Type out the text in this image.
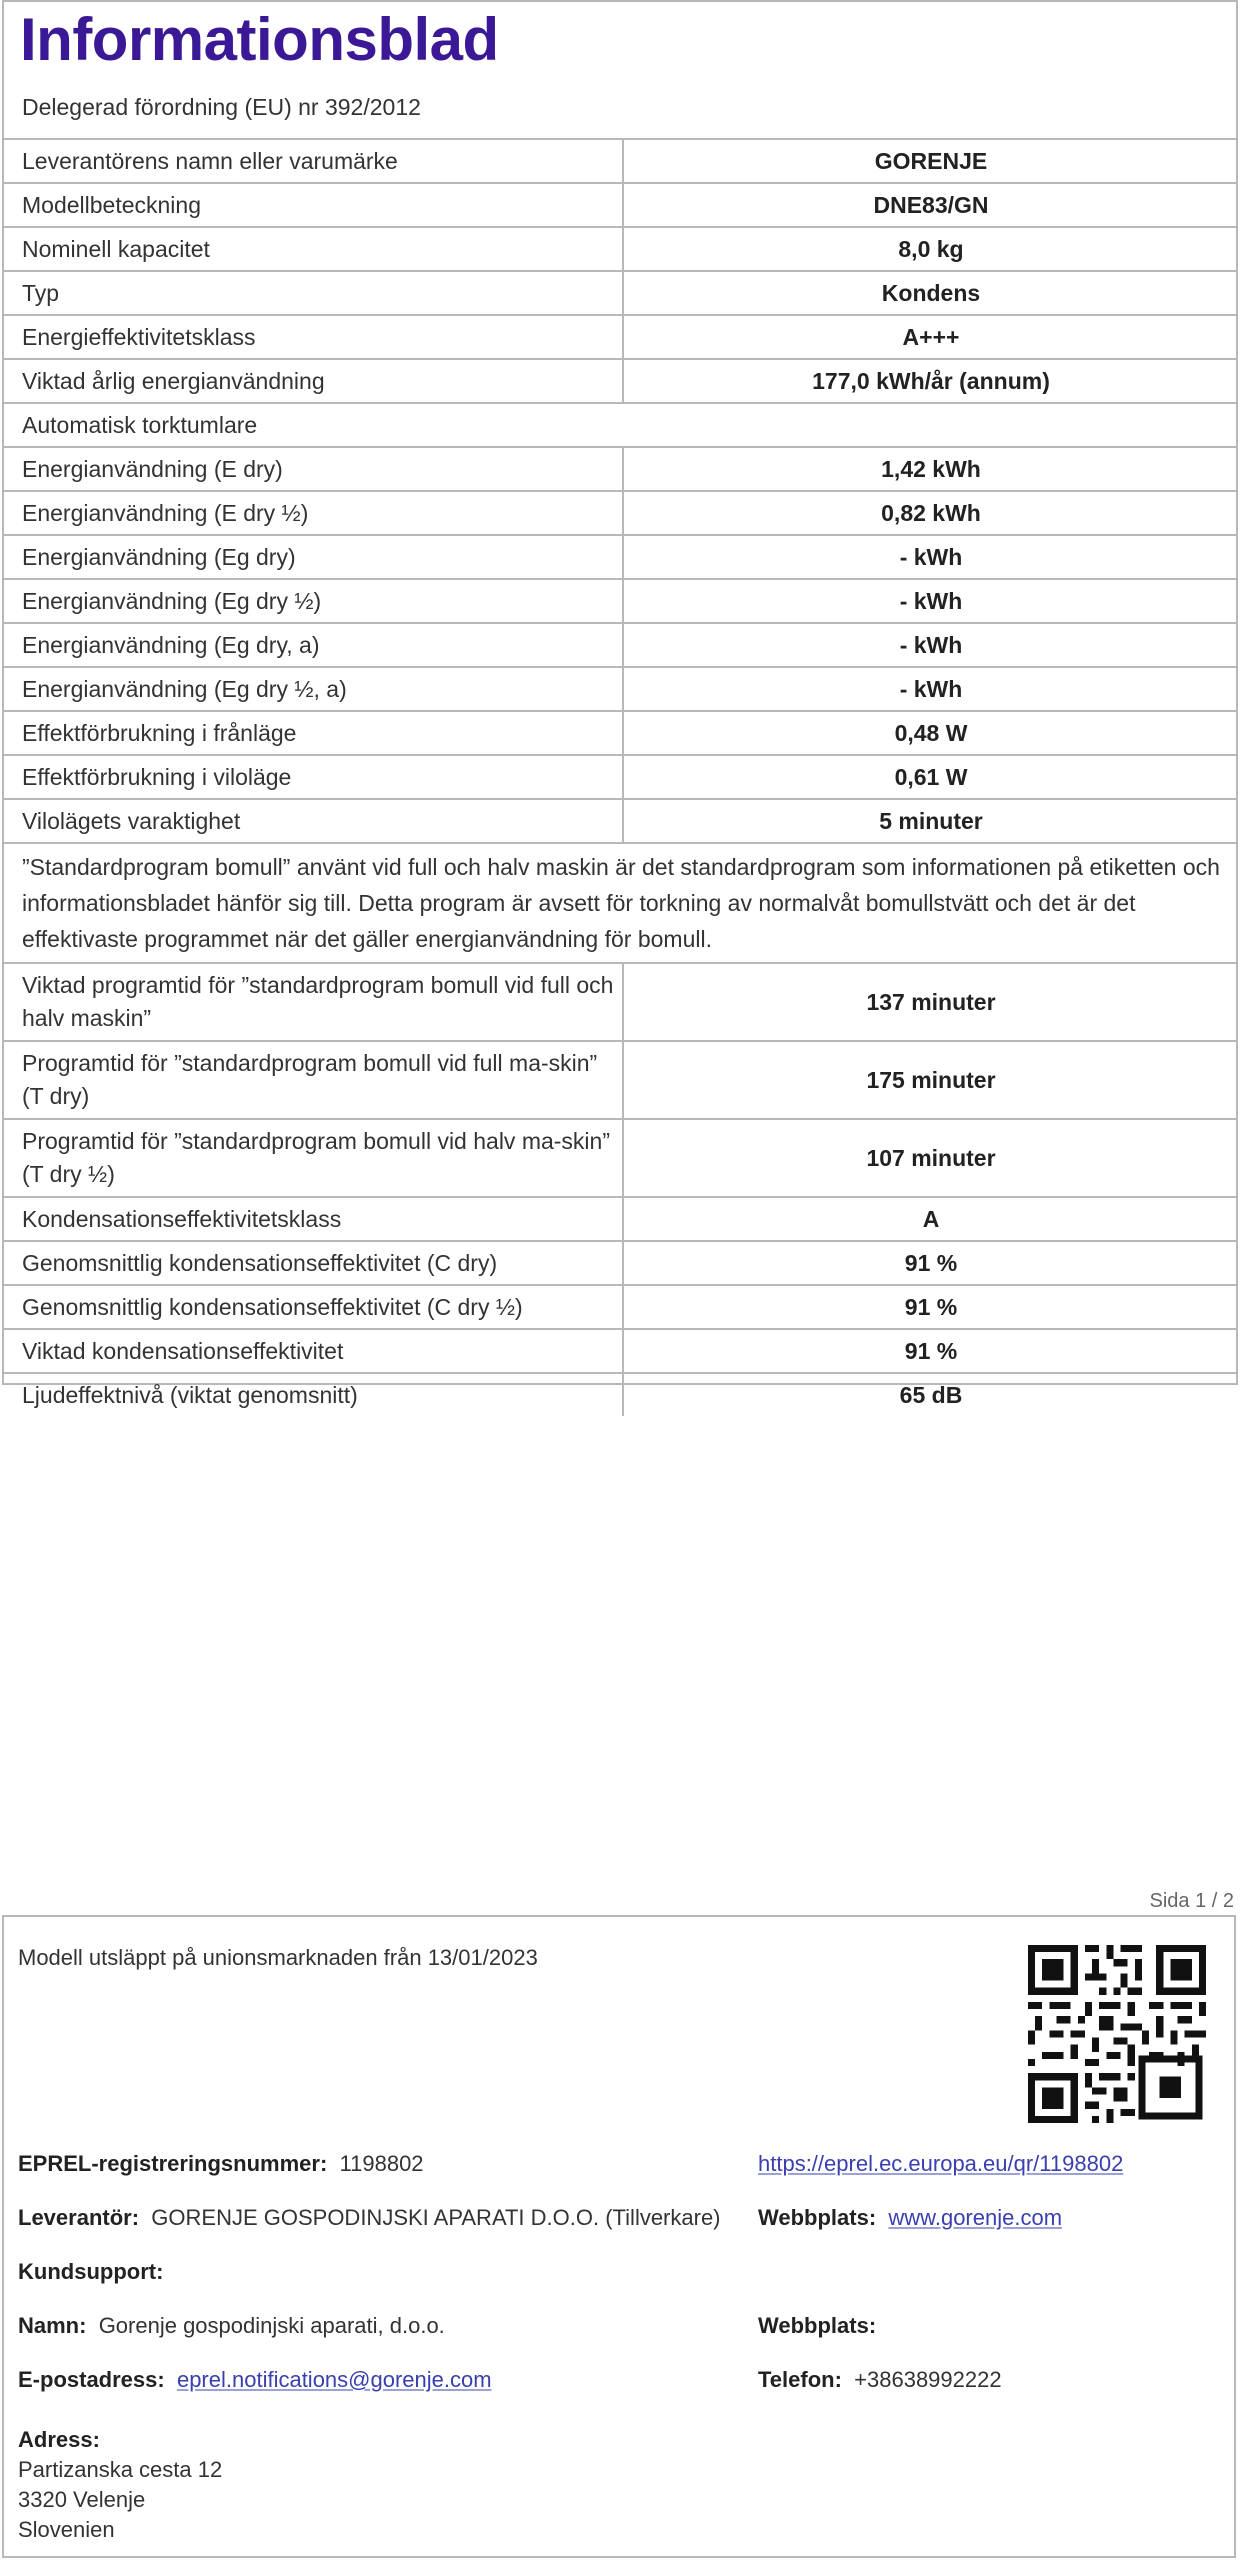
Informationsblad
Delegerad förordning (EU) nr 392/2012
Leverantörens namn eller varumärke	GORENJE
Modellbeteckning	DNE83/GN
Nominell kapacitet	8,0 kg
Typ	Kondens
Energieffektivitetsklass	A+++
Viktad årlig energianvändning	177,0 kWh/år (annum)
Automatisk torktumlare	
Energianvändning (E dry)	1,42 kWh
Energianvändning (E dry ½)	0,82 kWh
Energianvändning (Eg dry)	- kWh
Energianvändning (Eg dry ½)	- kWh
Energianvändning (Eg dry, a)	- kWh
Energianvändning (Eg dry ½, a)	- kWh
Effektförbrukning i frånläge	0,48 W
Effektförbrukning i viloläge	0,61 W
Vilolägets varaktighet	5 minuter
”Standardprogram bomull” använt vid full och halv maskin är det standardprogram som informationen på etiketten och informationsbladet hänför sig till. Detta program är avsett för torkning av normalvåt bomullstvätt och det är det effektivaste programmet när det gäller energianvändning för bomull.	
Viktad programtid för ”standardprogram bomull vid full och halv maskin”	137 minuter
Programtid för ”standardprogram bomull vid full ma-skin” (T dry)	175 minuter
Programtid för ”standardprogram bomull vid halv ma-skin” (T dry ½)	107 minuter
Kondensationseffektivitetsklass	A
Genomsnittlig kondensationseffektivitet (C dry)	91 %
Genomsnittlig kondensationseffektivitet (C dry ½)	91 %
Viktad kondensationseffektivitet	91 %
Ljudeffektnivå (viktat genomsnitt)	65 dB
Sida 1 / 2
Modell utsläppt på unionsmarknaden från 13/01/2023
EPREL-registreringsnummer: 1198802	https://eprel.ec.europa.eu/qr/1198802
Leverantör: GORENJE GOSPODINJSKI APARATI D.O.O. (Tillverkare) Webbplats: www.gorenje.com
Kundsupport:
Namn: Gorenje gospodinjski aparati, d.o.o.	Webbplats:
E-postadress: eprel.notifications@gorenje.com	Telefon: +38638992222
Adress:
Partizanska cesta 12
3320 Velenje
Slovenien
